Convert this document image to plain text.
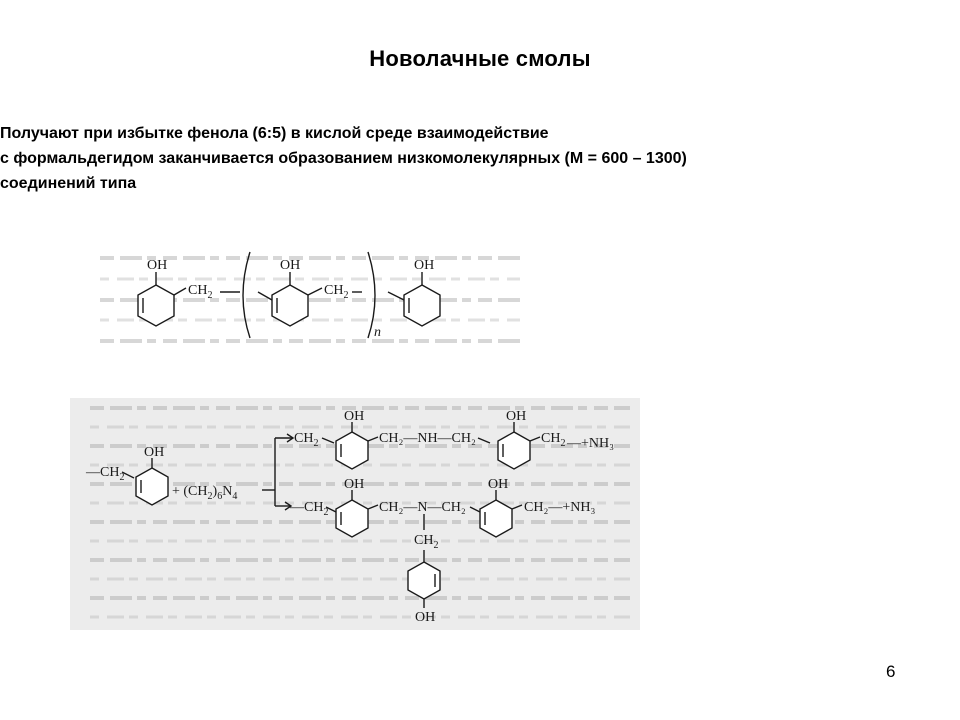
Новолачные смолы
Получают при избытке фенола (6:5) в кислой среде взаимодействие
с формальдегидом заканчивается образованием низкомолекулярных (М = 600 – 1300)
соединений типа
OH
$CH_2$
OH
$CH_2$
n
OH
$—CH_2$
OH
+ $(CH_2)_6N_4$
$CH_2$
OH
CH₂—NH—CH₂
OH
$CH_2$ —+NH₃
$—CH_2$
OH
CH₂—N—CH₂
OH
CH₂—+NH₃
$CH_2$
OH
6
